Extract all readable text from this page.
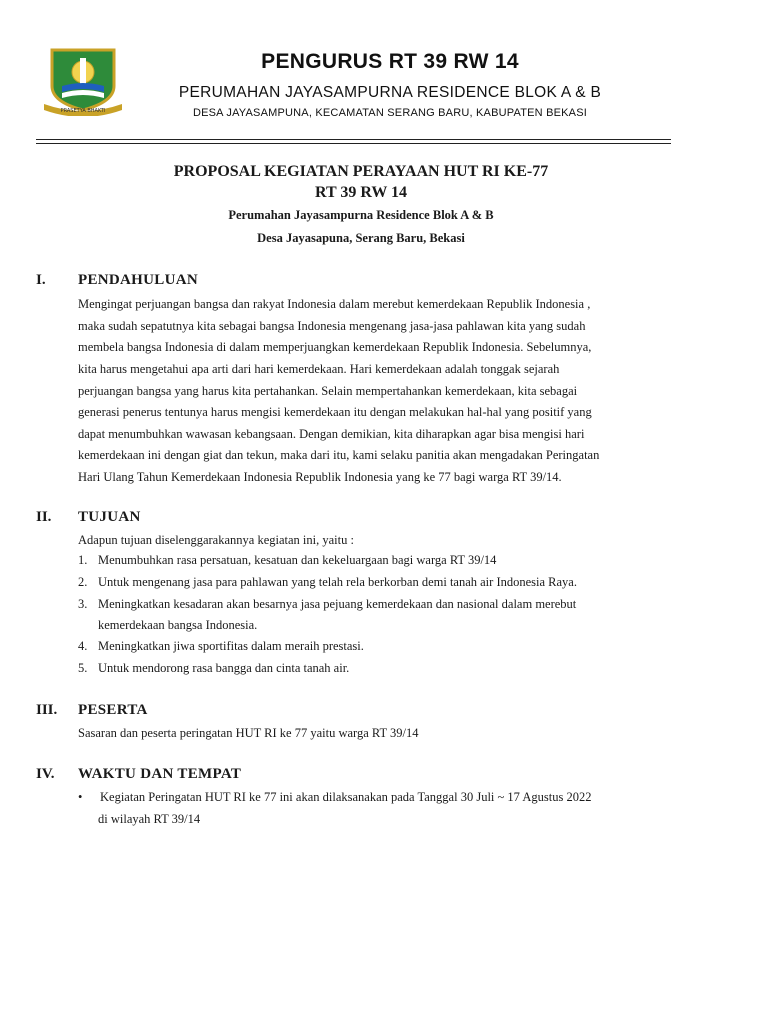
PRASETYA BHAKTI
PENGURUS RT 39 RW 14
PERUMAHAN JAYASAMPURNA RESIDENCE BLOK A & B
DESA JAYASAMPUNA, KECAMATAN SERANG BARU, KABUPATEN BEKASI
PROPOSAL KEGIATAN PERAYAAN HUT RI KE-77
RT 39 RW 14
Perumahan Jayasampurna Residence Blok A & B
Desa Jayasapuna, Serang Baru, Bekasi
I. PENDAHULUAN
Mengingat perjuangan bangsa dan rakyat Indonesia dalam merebut kemerdekaan Republik Indonesia ,
maka sudah sepatutnya kita sebagai bangsa Indonesia mengenang jasa-jasa pahlawan kita yang sudah
membela bangsa Indonesia di dalam memperjuangkan kemerdekaan Republik Indonesia. Sebelumnya,
kita harus mengetahui apa arti dari hari kemerdekaan. Hari kemerdekaan adalah tonggak sejarah
perjuangan bangsa yang harus kita pertahankan. Selain mempertahankan kemerdekaan, kita sebagai
generasi penerus tentunya harus mengisi kemerdekaan itu dengan melakukan hal-hal yang positif yang
dapat menumbuhkan wawasan kebangsaan. Dengan demikian, kita diharapkan agar bisa mengisi hari
kemerdekaan ini dengan giat dan tekun, maka dari itu, kami selaku panitia akan mengadakan Peringatan
Hari Ulang Tahun Kemerdekaan Indonesia Republik Indonesia yang ke 77 bagi warga RT 39/14.
II. TUJUAN
Adapun tujuan diselenggarakannya kegiatan ini, yaitu :
1. Menumbuhkan rasa persatuan, kesatuan dan kekeluargaan bagi warga RT 39/14
2. Untuk mengenang jasa para pahlawan yang telah rela berkorban demi tanah air Indonesia Raya.
3. Meningkatkan kesadaran akan besarnya jasa pejuang kemerdekaan dan nasional dalam merebut
kemerdekaan bangsa Indonesia.
4. Meningkatkan jiwa sportifitas dalam meraih prestasi.
5. Untuk mendorong rasa bangga dan cinta tanah air.
III. PESERTA
Sasaran dan peserta peringatan HUT RI ke 77 yaitu warga RT 39/14
IV. WAKTU DAN TEMPAT
• Kegiatan Peringatan HUT RI ke 77 ini akan dilaksanakan pada Tanggal 30 Juli ~ 17 Agustus 2022
di wilayah RT 39/14
